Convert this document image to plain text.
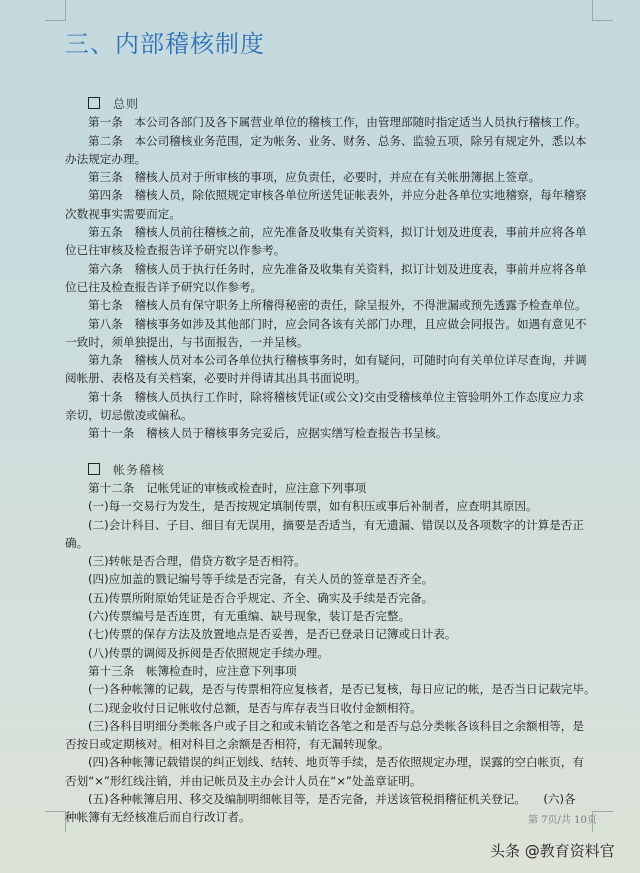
三、内部稽核制度
总则
第一条　本公司各部门及各下属营业单位的稽核工作，由管理部随时指定适当人员执行稽核工作。
第二条　本公司稽核业务范围，定为帐务、业务、财务、总务、监验五项，除另有规定外，悉以本
办法规定办理。
第三条　稽核人员对于所审核的事项，应负责任，必要时，并应在有关帐册簿据上签章。
第四条　稽核人员，除依照规定审核各单位所送凭证帐表外，并应分赴各单位实地稽察，每年稽察
次数视事实需要而定。
第五条　稽核人员前往稽核之前，应先准备及收集有关资料，拟订计划及进度表，事前并应将各单
位已往审核及检查报告详予研究以作参考。
第六条　稽核人员于执行任务时，应先准备及收集有关资料，拟订计划及进度表，事前并应将各单
位已往及检查报告详予研究以作参考。
第七条　稽核人员有保守职务上所稽得秘密的责任，除呈报外，不得泄漏或预先透露予检查单位。
第八条　稽核事务如涉及其他部门时，应会同各该有关部门办理，且应做会同报告。如遇有意见不
一致时，须单独提出，与书面报告，一并呈核。
第九条　稽核人员对本公司各单位执行稽核事务时，如有疑问，可随时向有关单位详尽查询，并调
阅帐册、表格及有关档案，必要时并得请其出具书面说明。
第十条　稽核人员执行工作时，除将稽核凭证(或公文)交由受稽核单位主管验明外工作态度应力求
亲切，切忌傲凌或偏私。
第十一条　稽核人员于稽核事务完妥后，应据实缮写检查报告书呈核。
帐务稽核
第十二条　记帐凭证的审核或检查时，应注意下列事项
(一)每一交易行为发生，是否按规定填制传票，如有积压或事后补制者，应查明其原因。
(二)会计科目、子目、细目有无误用，摘要是否适当，有无遗漏、错误以及各项数字的计算是否正
确。
(三)转帐是否合理，借贷方数字是否相符。
(四)应加盖的戮记编号等手续是否完备，有关人员的签章是否齐全。
(五)传票所附原始凭证是否合乎规定、齐全、确实及手续是否完备。
(六)传票编号是否连贯，有无重编、缺号现象，装订是否完整。
(七)传票的保存方法及放置地点是否妥善，是否已登录日记簿或日计表。
(八)传票的调阅及拆阅是否依照规定手续办理。
第十三条　帐簿检查时，应注意下列事项
(一)各种帐簿的记载，是否与传票相符应复核者，是否已复核，每日应记的帐，是否当日记载完毕。
(二)现金收付日记帐收付总额，是否与库存表当日收付金额相符。
(三)各科目明细分类帐各户或子目之和或未销讫各笔之和是否与总分类帐各该科目之余额相等，是
否按日或定期核对。相对科目之余额是否相符，有无漏转现象。
(四)各种帐簿记载错误的纠正划线、结转、地页等手续，是否依照规定办理，误露的空白帐页，有
否划“×”形红线注销，并由记帐员及主办会计人员在“×”处盖章证明。
(五)各种帐簿启用、移交及编制明细帐目等，是否完备，并送该管税捐稽征机关登记。　　(六)各
种帐簿有无经核准后而自行改订者。	第 7页/共 10页
头条 @教育资料官
